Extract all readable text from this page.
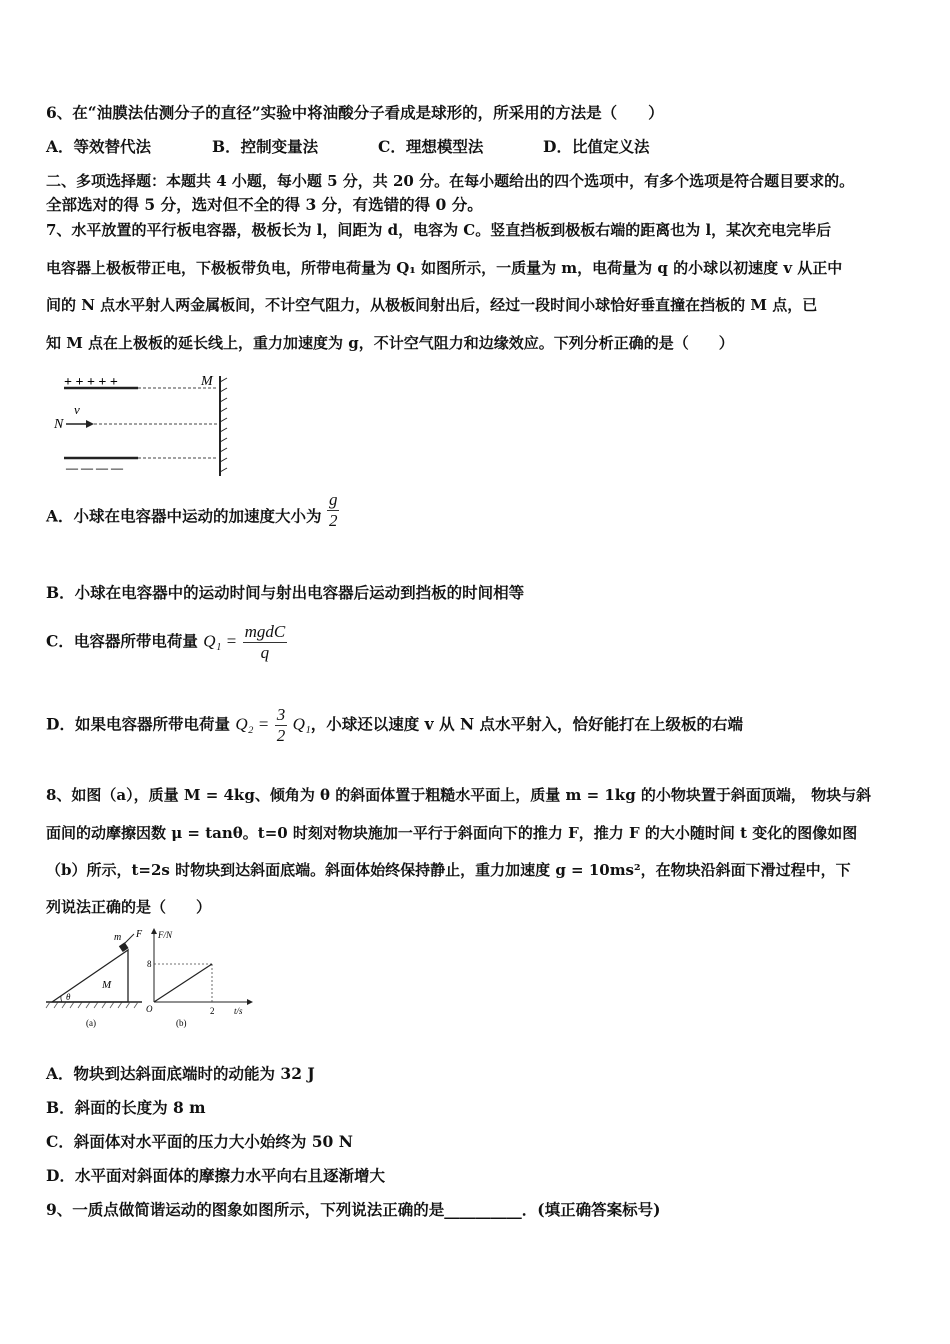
6、在“油膜法估测分子的直径”实验中将油酸分子看成是球形的，所采用的方法是（　　）
A．等效替代法	B．控制变量法	C．理想模型法	D．比值定义法
二、多项选择题：本题共 4 小题，每小题 5 分，共 20 分。在每小题给出的四个选项中，有多个选项是符合题目要求的。
全部选对的得 5 分，选对但不全的得 3 分，有选错的得 0 分。
7、水平放置的平行板电容器，极板长为 l，间距为 d，电容为 C。竖直挡板到极板右端的距离也为 l，某次充电完毕后
电容器上极板带正电，下极板带负电，所带电荷量为 Q₁ 如图所示，一质量为 m，电荷量为 q 的小球以初速度 v 从正中
间的 N 点水平射人两金属板间，不计空气阻力，从极板间射出后，经过一段时间小球恰好垂直撞在挡板的 M 点，已
知 M 点在上极板的延长线上，重力加速度为 g，不计空气阻力和边缘效应。下列分析正确的是（　　）
+ + + + +	M
N
v
— — — —
A．小球在电容器中运动的加速度大小为 $\frac{g}{2}$
B．小球在电容器中的运动时间与射出电容器后运动到挡板的时间相等
C．电容器所带电荷量 $Q_1 = \frac{\text{mgdC}}{q}$
D．如果电容器所带电荷量 $Q_2 = \frac{3}{2} Q_1$，小球还以速度 v 从 N 点水平射入，恰好能打在上级板的右端
8、如图（a），质量 M = 4kg、倾角为 θ 的斜面体置于粗糙水平面上，质量 m = 1kg 的小物块置于斜面顶端， 物块与斜
面间的动摩擦因数 μ = tanθ。t=0 时刻对物块施加一平行于斜面向下的推力 F，推力 F 的大小随时间 t 变化的图像如图
（b）所示，t=2s 时物块到达斜面底端。斜面体始终保持静止，重力加速度 g = 10ms²，在物块沿斜面下滑过程中，下
列说法正确的是（　　）
m F
M
θ
(a)
F/N
t/s
O
8
2
(b)
A．物块到达斜面底端时的动能为 32 J
B．斜面的长度为 8 m
C．斜面体对水平面的压力大小始终为 50 N
D．水平面对斜面体的摩擦力水平向右且逐渐增大
9、一质点做简谐运动的图象如图所示，下列说法正确的是__________．(填正确答案标号)
